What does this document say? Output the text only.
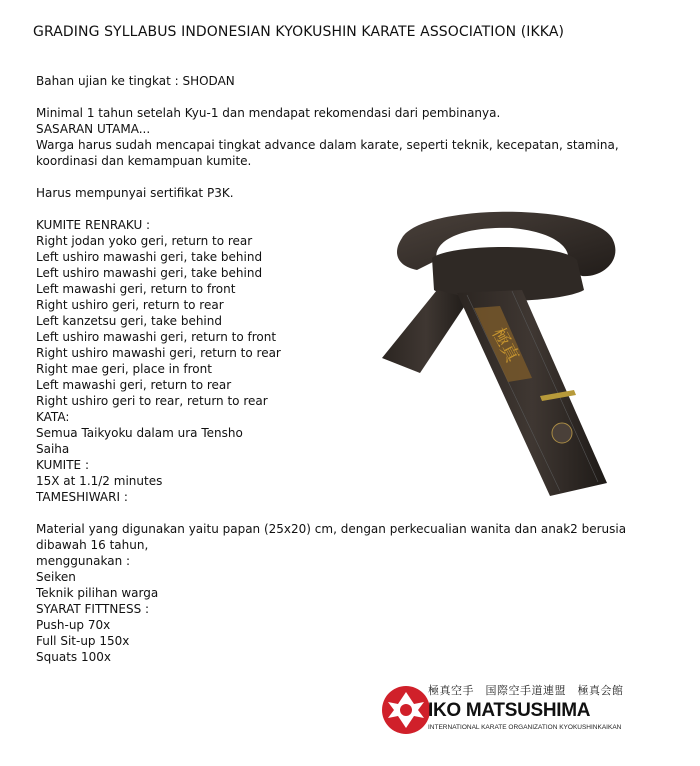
GRADING SYLLABUS INDONESIAN KYOKUSHIN KARATE ASSOCIATION (IKKA)
Bahan ujian ke tingkat : SHODAN
Minimal 1 tahun setelah Kyu-1 dan mendapat rekomendasi dari pembinanya.
SASARAN UTAMA...
Warga harus sudah mencapai tingkat advance dalam karate, seperti teknik, kecepatan, stamina,
koordinasi dan kemampuan kumite.
Harus mempunyai sertifikat P3K.
KUMITE RENRAKU :
Right jodan yoko geri, return to rear
Left ushiro mawashi geri, take behind
Left ushiro mawashi geri, take behind
Left mawashi geri, return to front
Right ushiro geri, return to rear
Left kanzetsu geri, take behind
Left ushiro mawashi geri, return to front
Right ushiro mawashi geri, return to rear
Right mae geri, place in front
Left mawashi geri, return to rear
Right ushiro geri to rear, return to rear
KATA:
Semua Taikyoku dalam ura Tensho
Saiha
KUMITE :
15X at 1.1/2 minutes
TAMESHIWARI :
Material yang digunakan yaitu papan (25x20) cm, dengan perkecualian wanita dan anak2 berusia
dibawah 16 tahun,
menggunakan :
Seiken
Teknik pilihan warga
SYARAT FITTNESS :
Push-up 70x
Full Sit-up 150x
Squats 100x
極真
極真空手　国際空手道連盟　極真会館
IKO MATSUSHIMA
INTERNATIONAL KARATE ORGANIZATION KYOKUSHINKAIKAN
